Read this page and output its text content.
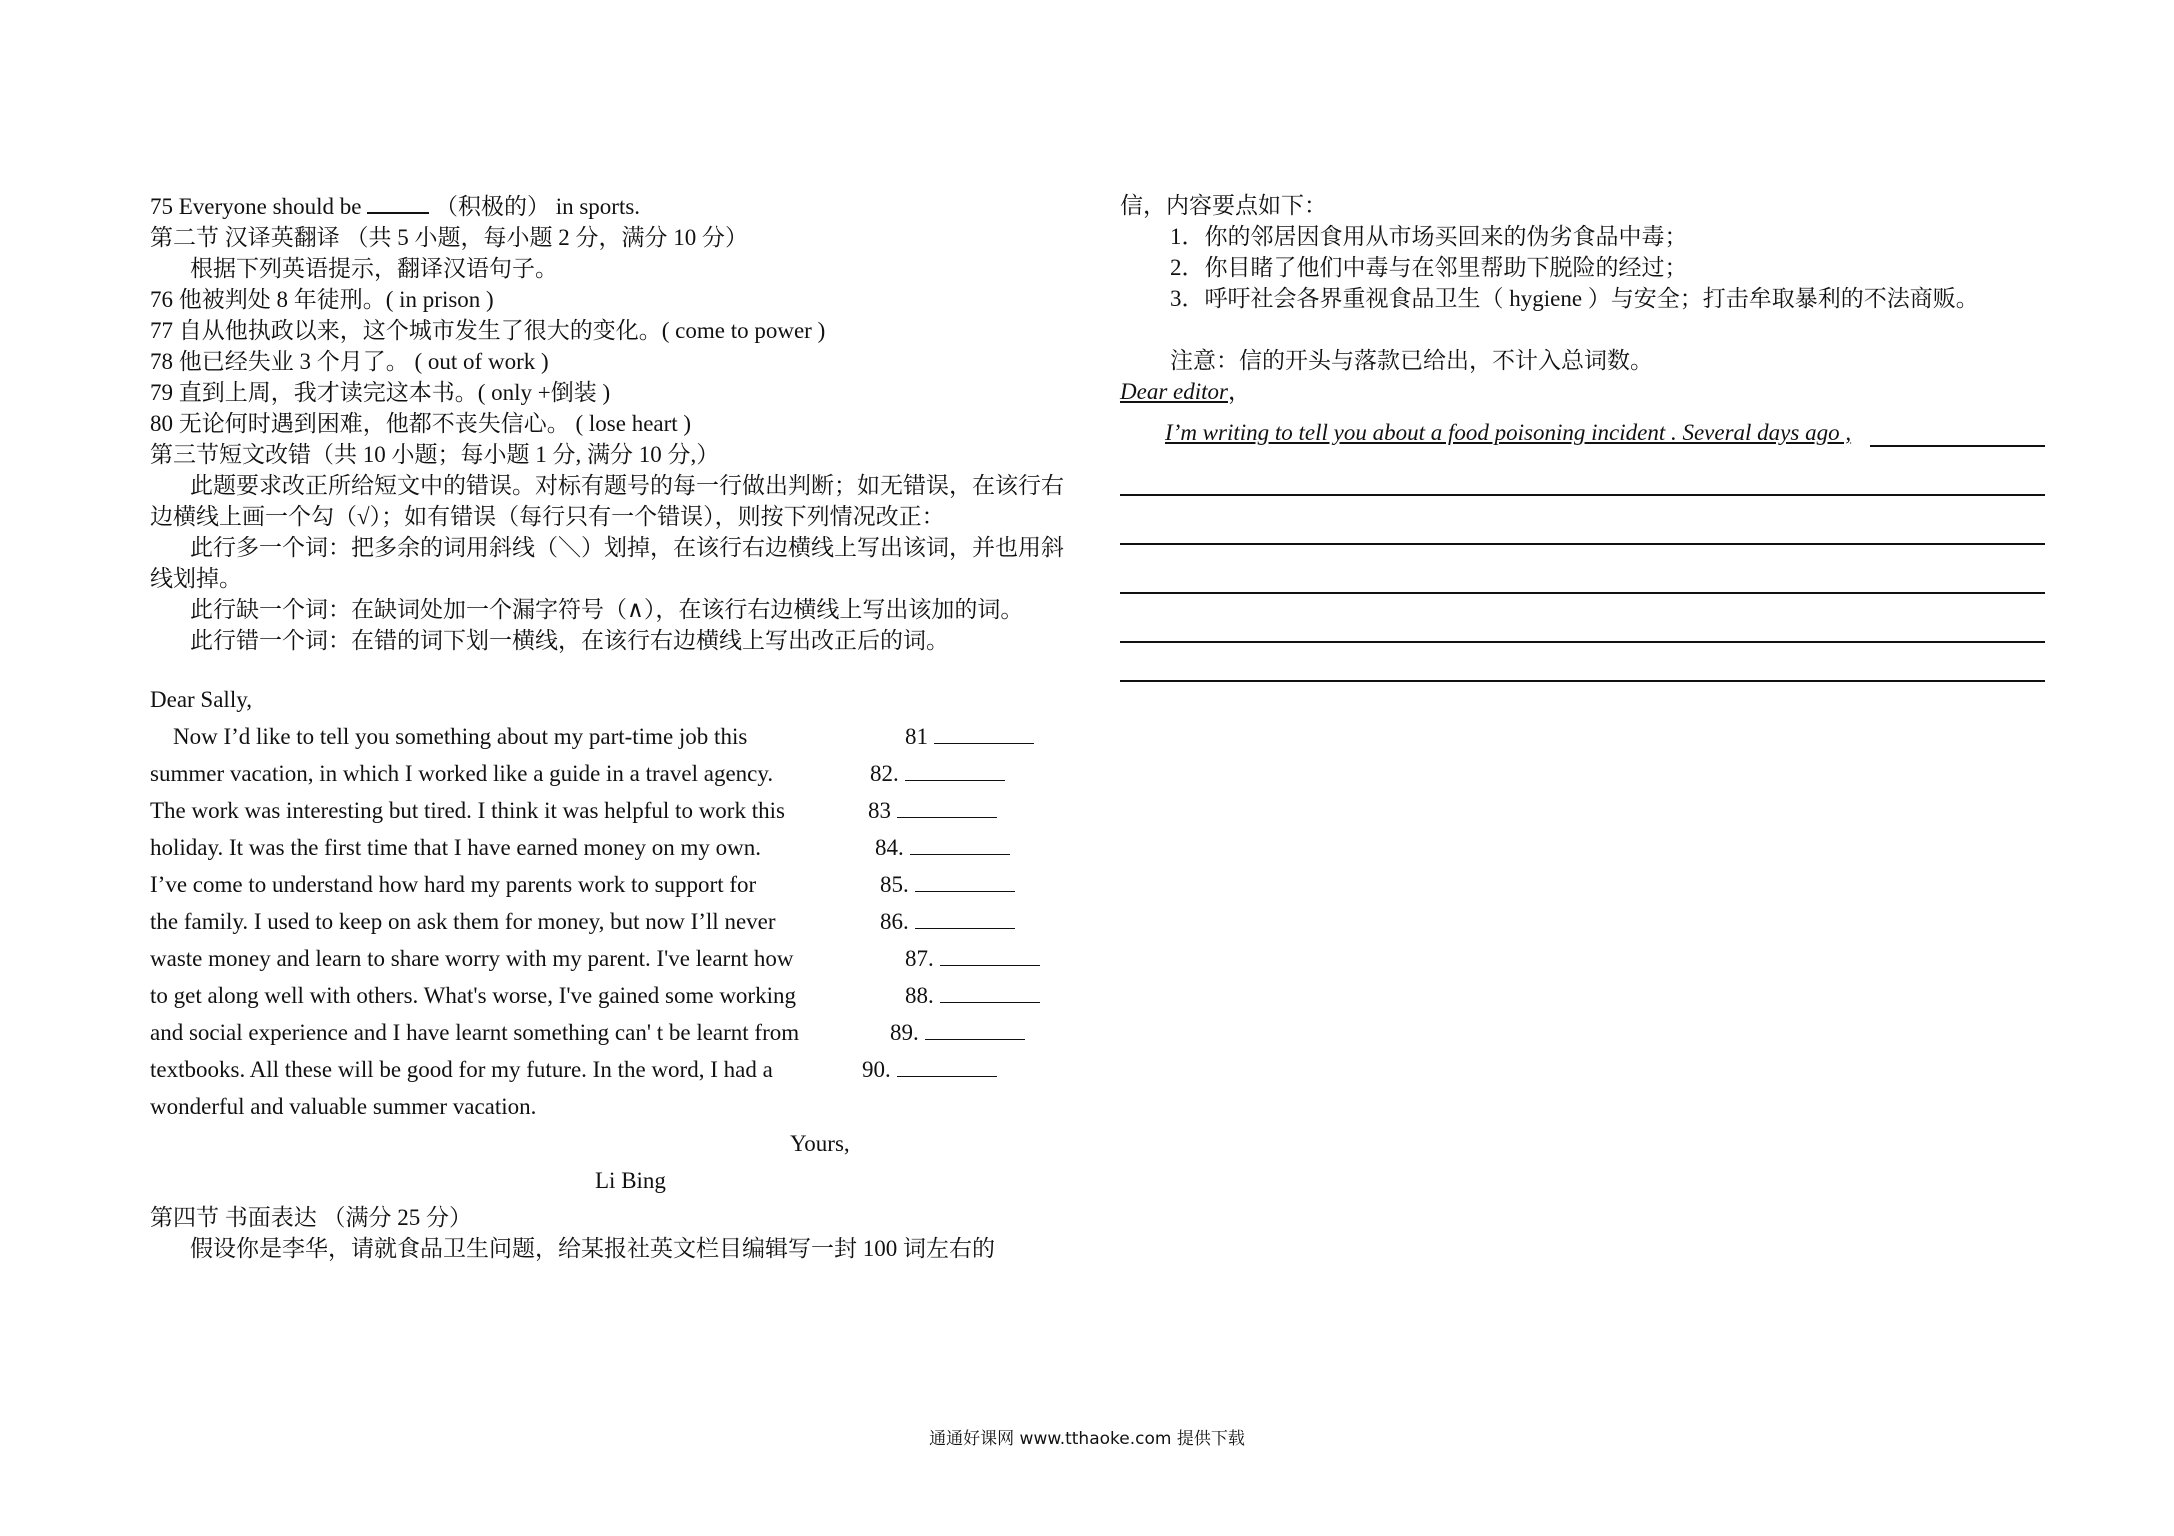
75 Everyone should be	（积极的） in sports.
第二节 汉译英翻译 （共 5 小题，每小题 2 分，满分 10 分）
根据下列英语提示，翻译汉语句子。
76 他被判处 8 年徒刑。( in prison )
77 自从他执政以来，这个城市发生了很大的变化。( come to power )
78 他已经失业 3 个月了。 ( out of work )
79 直到上周，我才读完这本书。( only +倒装 )
80 无论何时遇到困难，他都不丧失信心。 ( lose heart )
第三节短文改错（共 10 小题；每小题 1 分, 满分 10 分,）
此题要求改正所给短文中的错误。对标有题号的每一行做出判断；如无错误，在该行右边横线上画一个勾（√）；如有错误（每行只有一个错误），则按下列情况改正：
此行多一个词：把多余的词用斜线（＼）划掉，在该行右边横线上写出该词，并也用斜线划掉。
此行缺一个词：在缺词处加一个漏字符号（∧），在该行右边横线上写出该加的词。
此行错一个词：在错的词下划一横线，在该行右边横线上写出改正后的词。
Dear Sally,
Now I’d like to tell you something about my part-time job this	81
summer vacation, in which I worked like a guide in a travel agency.	82.
The work was interesting but tired. I think it was helpful to work this	83
holiday. It was the first time that I have earned money on my own.	84.
I’ve come to understand how hard my parents work to support for	85.
the family. I used to keep on ask them for money, but now I’ll never	86.
waste money and learn to share worry with my parent. I've learnt how	87.
to get along well with others. What's worse, I've gained some working	88.
and social experience and I have learnt something can' t be learnt from	89.
textbooks. All these will be good for my future. In the word, I had a	90.
wonderful and valuable summer vacation.
Yours,
Li Bing
第四节 书面表达 （满分 25 分）
假设你是李华，请就食品卫生问题，给某报社英文栏目编辑写一封 100 词左右的
信，内容要点如下：
1．你的邻居因食用从市场买回来的伪劣食品中毒；
2．你目睹了他们中毒与在邻里帮助下脱险的经过；
3．呼吁社会各界重视食品卫生（ hygiene ）与安全；打击牟取暴利的不法商贩。
注意：信的开头与落款已给出，不计入总词数。
Dear editor，
I’m writing to tell you about a food poisoning incident . Several days ago ,
通通好课网 www.tthaoke.com 提供下载
